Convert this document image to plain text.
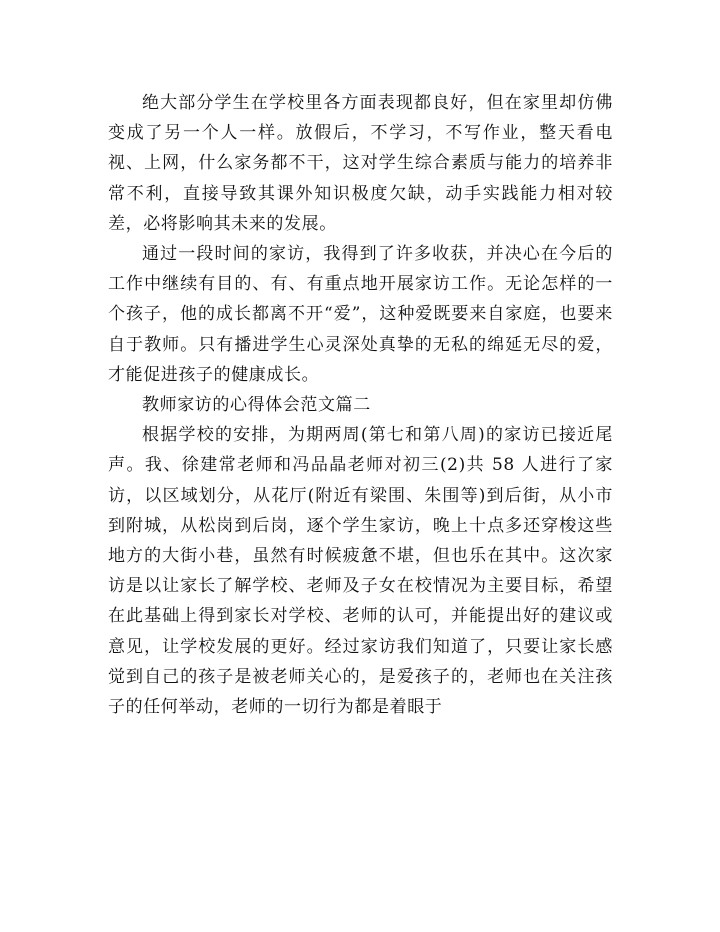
绝大部分学生在学校里各方面表现都良好，但在家里却仿佛变成了另一个人一样。放假后，不学习，不写作业，整天看电视、上网，什么家务都不干，这对学生综合素质与能力的培养非常不利，直接导致其课外知识极度欠缺，动手实践能力相对较差，必将影响其未来的发展。

通过一段时间的家访，我得到了许多收获，并决心在今后的工作中继续有目的、有、有重点地开展家访工作。无论怎样的一个孩子，他的成长都离不开“爱”，这种爱既要来自家庭，也要来自于教师。只有播进学生心灵深处真挚的无私的绵延无尽的爱，才能促进孩子的健康成长。

教师家访的心得体会范文篇二

根据学校的安排，为期两周(第七和第八周)的家访已接近尾声。我、徐建常老师和冯品晶老师对初三(2)共 58 人进行了家访，以区域划分，从花厅(附近有梁围、朱围等)到后街，从小市到附城，从松岗到后岗，逐个学生家访，晚上十点多还穿梭这些地方的大街小巷，虽然有时候疲惫不堪，但也乐在其中。这次家访是以让家长了解学校、老师及子女在校情况为主要目标，希望在此基础上得到家长对学校、老师的认可，并能提出好的建议或意见，让学校发展的更好。经过家访我们知道了，只要让家长感觉到自己的孩子是被老师关心的，是爱孩子的，老师也在关注孩子的任何举动，老师的一切行为都是着眼于
